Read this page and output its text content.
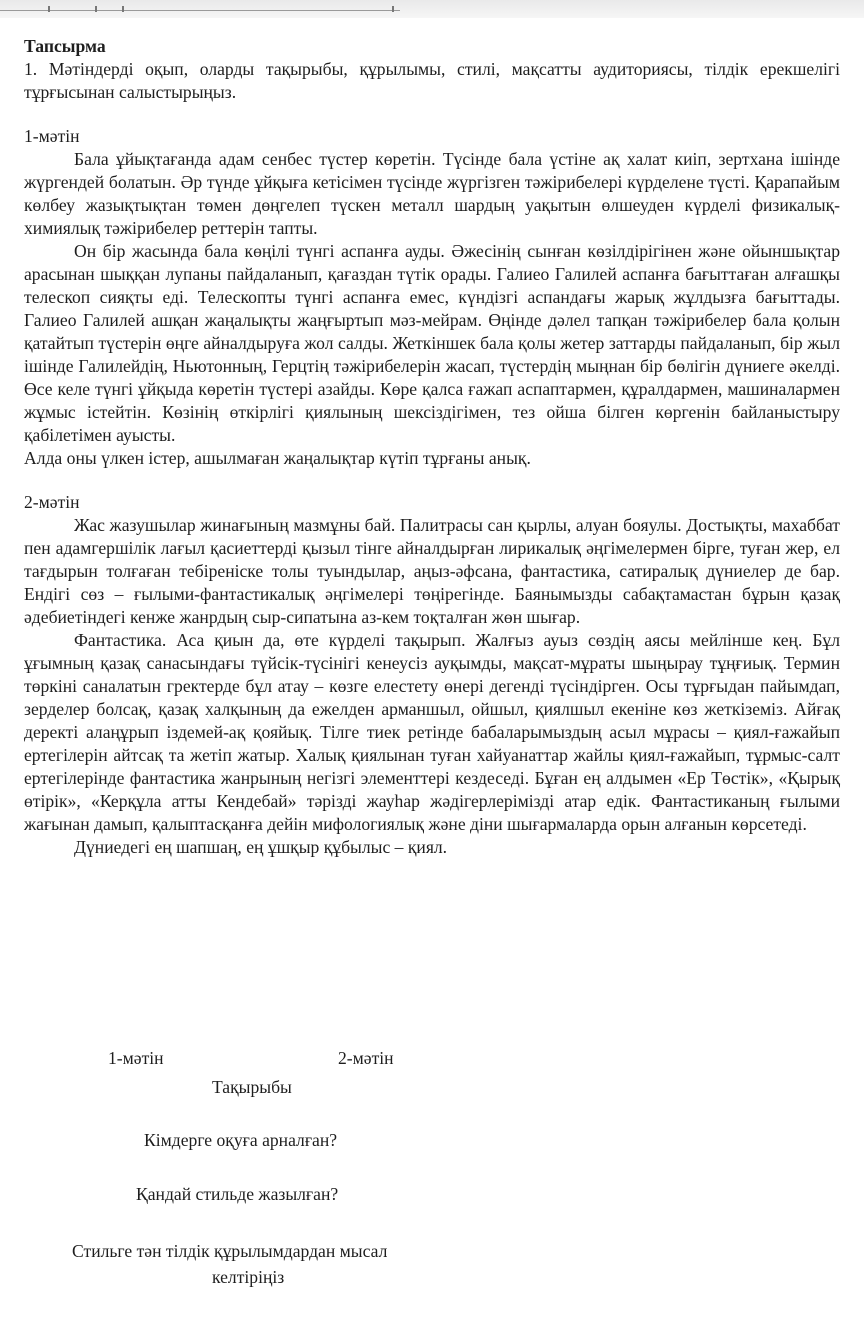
Тапсырма

1. Мәтіндерді оқып, оларды тақырыбы, құрылымы, стилі, мақсатты аудиториясы, тілдік ерекшелігі тұрғысынан салыстырыңыз.

1-мәтін

Бала ұйықтағанда адам сенбес түстер көретін. Түсінде бала үстіне ақ халат киіп, зертхана ішінде жүргендей болатын. Әр түнде ұйқыға кетісімен түсінде жүргізген тәжірибелері күрделене түсті. Қарапайым көлбеу жазықтықтан төмен дөңгелеп түскен металл шардың уақытын өлшеуден күрделі физикалық-химиялық тәжірибелер реттерін тапты.

Он бір жасында бала көңілі түнгі аспанға ауды. Әжесінің сынған көзілдірігінен және ойыншықтар арасынан шыққан лупаны пайдаланып, қағаздан түтік орады. Галиео Галилей аспанға бағыттаған алғашқы телескоп сияқты еді. Телескопты түнгі аспанға емес, күндізгі аспандағы жарық жұлдызға бағыттады. Галиео Галилей ашқан жаңалықты жаңғыртып мәз-мейрам. Өңінде дәлел тапқан тәжірибелер бала қолын қатайтып түстерін өңге айналдыруға жол салды. Жеткіншек бала қолы жетер заттарды пайдаланып, бір жыл ішінде Галилейдің, Ньютонның, Герцтің тәжірибелерін жасап, түстердің мыңнан бір бөлігін дүниеге әкелді. Өсе келе түнгі ұйқыда көретін түстері азайды. Көре қалса ғажап аспаптармен, құралдармен, машиналармен жұмыс істейтін. Көзінің өткірлігі қиялының шексіздігімен, тез ойша білген көргенін байланыстыру қабілетімен ауысты.

Алда оны үлкен істер, ашылмаған жаңалықтар күтіп тұрғаны анық.

2-мәтін

Жас жазушылар жинағының мазмұны бай. Палитрасы сан қырлы, алуан бояулы. Достықты, махаббат пен адамгершілік лағыл қасиеттерді қызыл тінге айналдырған лирикалық әңгімелермен бірге, туған жер, ел тағдырын толғаған тебіреніске толы туындылар, аңыз-әфсана, фантастика, сатиралық дүниелер де бар. Ендігі сөз – ғылыми-фантастикалық әңгімелері төңірегінде. Баянымызды сабақтамастан бұрын қазақ әдебиетіндегі кенже жанрдың сыр-сипатына аз-кем тоқталған жөн шығар.

Фантастика. Аса қиын да, өте күрделі тақырып. Жалғыз ауыз сөздің аясы мейлінше кең. Бұл ұғымның қазақ санасындағы түйсік-түсінігі кенеусіз ауқымды, мақсат-мұраты шыңырау тұңғиық. Термин төркіні саналатын гректерде бұл атау – көзге елестету өнері дегенді түсіндірген. Осы тұрғыдан пайымдап, зерделер болсақ, қазақ халқының да ежелден арманшыл, ойшыл, қиялшыл екеніне көз жеткіземіз. Айғақ деректі алаңұрып іздемей-ақ қояйық. Тілге тиек ретінде бабаларымыздың асыл мұрасы – қиял-ғажайып ертегілерін айтсақ та жетіп жатыр. Халық қиялынан туған хайуанаттар жайлы қиял-ғажайып, тұрмыс-салт ертегілерінде фантастика жанрының негізгі элементтері кездеседі. Бұған ең алдымен «Ер Төстік», «Қырық өтірік», «Керқұла атты Кендебай» тәрізді жауһар жәдігерлерімізді атар едік. Фантастиканың ғылыми жағынан дамып, қалыптасқанға дейін мифологиялық және діни шығармаларда орын алғанын көрсетеді.

Дүниедегі ең шапшаң, ең ұшқыр құбылыс – қиял.

1-мәтін	2-мәтін
Тақырыбы
Кімдерге оқуға арналған?
Қандай стильде жазылған?
Стильге тән тілдік құрылымдардан мысал
келтіріңіз
